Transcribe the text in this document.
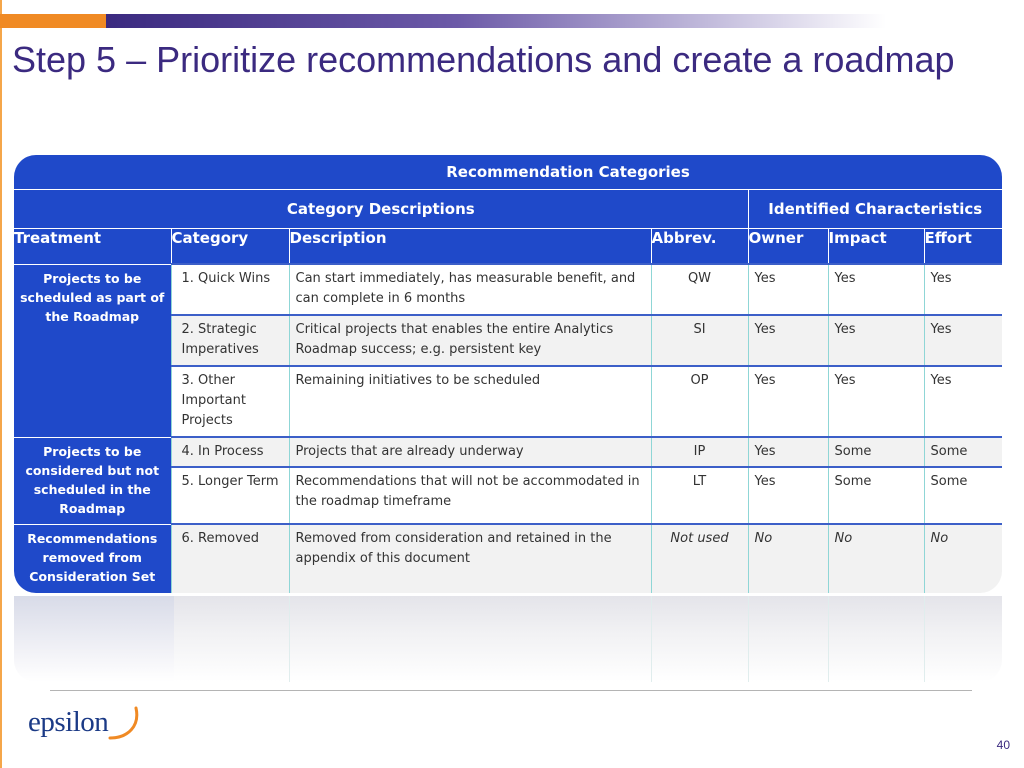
Step 5 – Prioritize recommendations and create a roadmap
Recommendation Categories						
Category Descriptions				Identified Characteristics		
Treatment	Category	Description	Abbrev.	Owner	Impact	Effort
Projects to be scheduled as part of the Roadmap	1. Quick Wins	Can start immediately, has measurable benefit, and can complete in 6 months	QW	Yes	Yes	Yes

	2. Strategic Imperatives	Critical projects that enables the entire Analytics Roadmap success; e.g. persistent key	SI	Yes	Yes	Yes

	3. Other Important Projects	Remaining initiatives to be scheduled	OP	Yes	Yes	Yes
Projects to be considered but not scheduled in the Roadmap	4. In Process	Projects that are already underway	IP	Yes	Some	Some

	5. Longer Term	Recommendations that will not be accommodated in the roadmap timeframe	LT	Yes	Some	Some
Recommendations removed from Consideration Set	6. Removed	Removed from consideration and retained in the appendix of this document	Not used	No	No	No
epsilon
40
